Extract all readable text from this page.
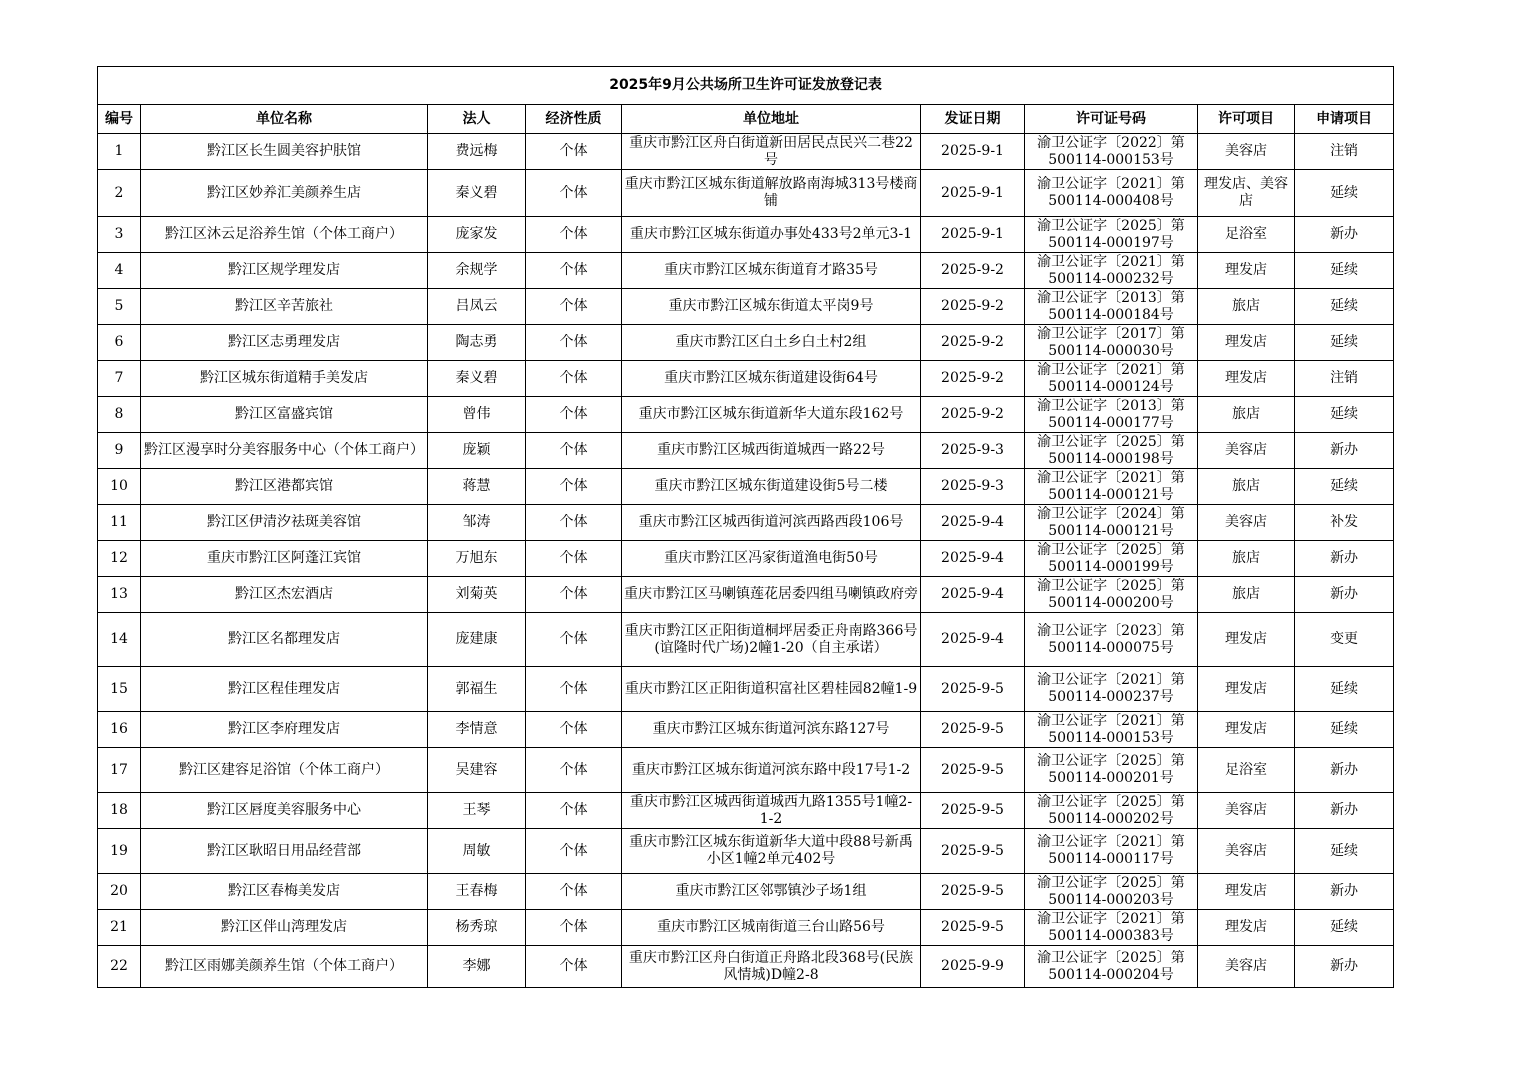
2025年9月公共场所卫生许可证发放登记表								
编号	单位名称	法人	经济性质	单位地址	发证日期	许可证号码	许可项目	申请项目

1	黔江区长生圆美容护肤馆	费远梅	个体	重庆市黔江区舟白街道新田居民点民兴二巷22号	2025-9-1	渝卫公证字〔2022〕第500114-000153号	美容店	注销

2	黔江区妙养汇美颜养生店	秦义碧	个体	重庆市黔江区城东街道解放路南海城313号楼商铺	2025-9-1	渝卫公证字〔2021〕第500114-000408号	理发店、美容店	延续

3	黔江区沐云足浴养生馆（个体工商户）	庞家发	个体	重庆市黔江区城东街道办事处433号2单元3-1	2025-9-1	渝卫公证字〔2025〕第500114-000197号	足浴室	新办

4	黔江区规学理发店	余规学	个体	重庆市黔江区城东街道育才路35号	2025-9-2	渝卫公证字〔2021〕第500114-000232号	理发店	延续

5	黔江区辛苦旅社	吕凤云	个体	重庆市黔江区城东街道太平岗9号	2025-9-2	渝卫公证字〔2013〕第500114-000184号	旅店	延续

6	黔江区志勇理发店	陶志勇	个体	重庆市黔江区白土乡白土村2组	2025-9-2	渝卫公证字〔2017〕第500114-000030号	理发店	延续

7	黔江区城东街道精手美发店	秦义碧	个体	重庆市黔江区城东街道建设街64号	2025-9-2	渝卫公证字〔2021〕第500114-000124号	理发店	注销

8	黔江区富盛宾馆	曾伟	个体	重庆市黔江区城东街道新华大道东段162号	2025-9-2	渝卫公证字〔2013〕第500114-000177号	旅店	延续

9	黔江区漫享时分美容服务中心（个体工商户）	庞颖	个体	重庆市黔江区城西街道城西一路22号	2025-9-3	渝卫公证字〔2025〕第500114-000198号	美容店	新办

10	黔江区港都宾馆	蒋慧	个体	重庆市黔江区城东街道建设街5号二楼	2025-9-3	渝卫公证字〔2021〕第500114-000121号	旅店	延续

11	黔江区伊清汐祛斑美容馆	邹涛	个体	重庆市黔江区城西街道河滨西路西段106号	2025-9-4	渝卫公证字〔2024〕第500114-000121号	美容店	补发

12	重庆市黔江区阿蓬江宾馆	万旭东	个体	重庆市黔江区冯家街道渔电街50号	2025-9-4	渝卫公证字〔2025〕第500114-000199号	旅店	新办

13	黔江区杰宏酒店	刘菊英	个体	重庆市黔江区马喇镇莲花居委四组马喇镇政府旁	2025-9-4	渝卫公证字〔2025〕第500114-000200号	旅店	新办

14	黔江区名都理发店	庞建康	个体	重庆市黔江区正阳街道桐坪居委正舟南路366号(谊隆时代广场)2幢1-20（自主承诺）	2025-9-4	渝卫公证字〔2023〕第500114-000075号	理发店	变更

15	黔江区程佳理发店	郭福生	个体	重庆市黔江区正阳街道积富社区碧桂园82幢1-9	2025-9-5	渝卫公证字〔2021〕第500114-000237号	理发店	延续

16	黔江区李府理发店	李情意	个体	重庆市黔江区城东街道河滨东路127号	2025-9-5	渝卫公证字〔2021〕第500114-000153号	理发店	延续

17	黔江区建容足浴馆（个体工商户）	吴建容	个体	重庆市黔江区城东街道河滨东路中段17号1-2	2025-9-5	渝卫公证字〔2025〕第500114-000201号	足浴室	新办

18	黔江区唇度美容服务中心	王琴	个体	重庆市黔江区城西街道城西九路1355号1幢2-1-2	2025-9-5	渝卫公证字〔2025〕第500114-000202号	美容店	新办

19	黔江区耿昭日用品经营部	周敏	个体	重庆市黔江区城东街道新华大道中段88号新禹小区1幢2单元402号	2025-9-5	渝卫公证字〔2021〕第500114-000117号	美容店	延续

20	黔江区春梅美发店	王春梅	个体	重庆市黔江区邻鄂镇沙子场1组	2025-9-5	渝卫公证字〔2025〕第500114-000203号	理发店	新办

21	黔江区伴山湾理发店	杨秀琼	个体	重庆市黔江区城南街道三台山路56号	2025-9-5	渝卫公证字〔2021〕第500114-000383号	理发店	延续

22	黔江区雨娜美颜养生馆（个体工商户）	李娜	个体	重庆市黔江区舟白街道正舟路北段368号(民族风情城)D幢2-8	2025-9-9	渝卫公证字〔2025〕第500114-000204号	美容店	新办
